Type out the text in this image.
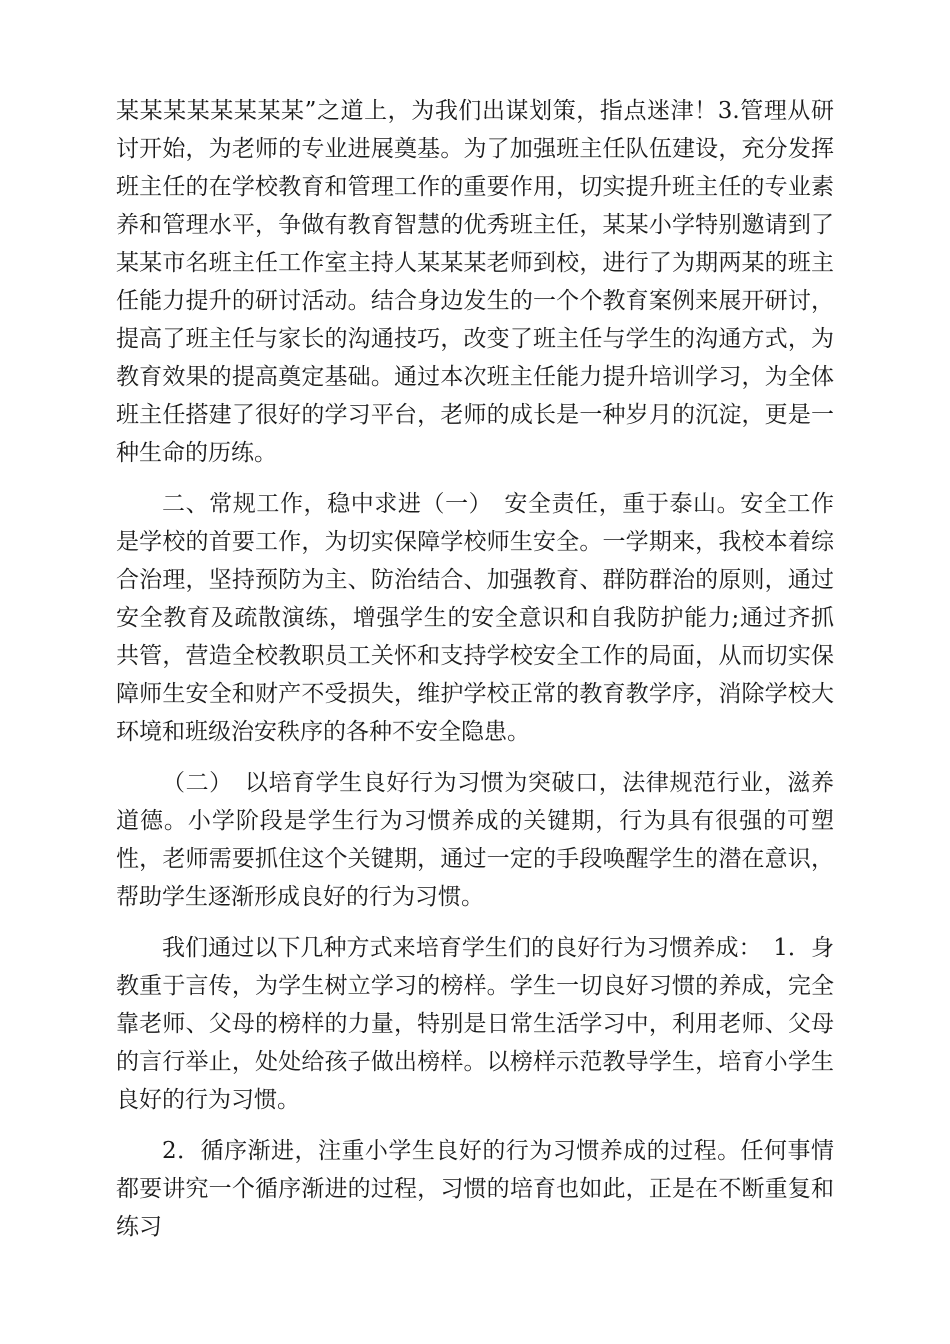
某某某某某某某某”之道上，为我们出谋划策，指点迷津！3.管理从研讨开始，为老师的专业进展奠基。为了加强班主任队伍建设，充分发挥班主任的在学校教育和管理工作的重要作用，切实提升班主任的专业素养和管理水平，争做有教育智慧的优秀班主任，某某小学特别邀请到了某某市名班主任工作室主持人某某某老师到校，进行了为期两某的班主任能力提升的研讨活动。结合身边发生的一个个教育案例来展开研讨，提高了班主任与家长的沟通技巧，改变了班主任与学生的沟通方式，为教育效果的提高奠定基础。通过本次班主任能力提升培训学习，为全体班主任搭建了很好的学习平台，老师的成长是一种岁月的沉淀，更是一种生命的历练。

二、常规工作，稳中求进（一）　安全责任，重于泰山。安全工作是学校的首要工作，为切实保障学校师生安全。一学期来，我校本着综合治理，坚持预防为主、防治结合、加强教育、群防群治的原则，通过安全教育及疏散演练，增强学生的安全意识和自我防护能力;通过齐抓共管，营造全校教职员工关怀和支持学校安全工作的局面，从而切实保障师生安全和财产不受损失，维护学校正常的教育教学序，消除学校大环境和班级治安秩序的各种不安全隐患。

（二）　以培育学生良好行为习惯为突破口，法律规范行业，滋养道德。小学阶段是学生行为习惯养成的关键期，行为具有很强的可塑性，老师需要抓住这个关键期，通过一定的手段唤醒学生的潜在意识，帮助学生逐渐形成良好的行为习惯。

我们通过以下几种方式来培育学生们的良好行为习惯养成：　1．身教重于言传，为学生树立学习的榜样。学生一切良好习惯的养成，完全靠老师、父母的榜样的力量，特别是日常生活学习中，利用老师、父母的言行举止，处处给孩子做出榜样。以榜样示范教导学生，培育小学生良好的行为习惯。

2．循序渐进，注重小学生良好的行为习惯养成的过程。任何事情都要讲究一个循序渐进的过程，习惯的培育也如此，正是在不断重复和练习
